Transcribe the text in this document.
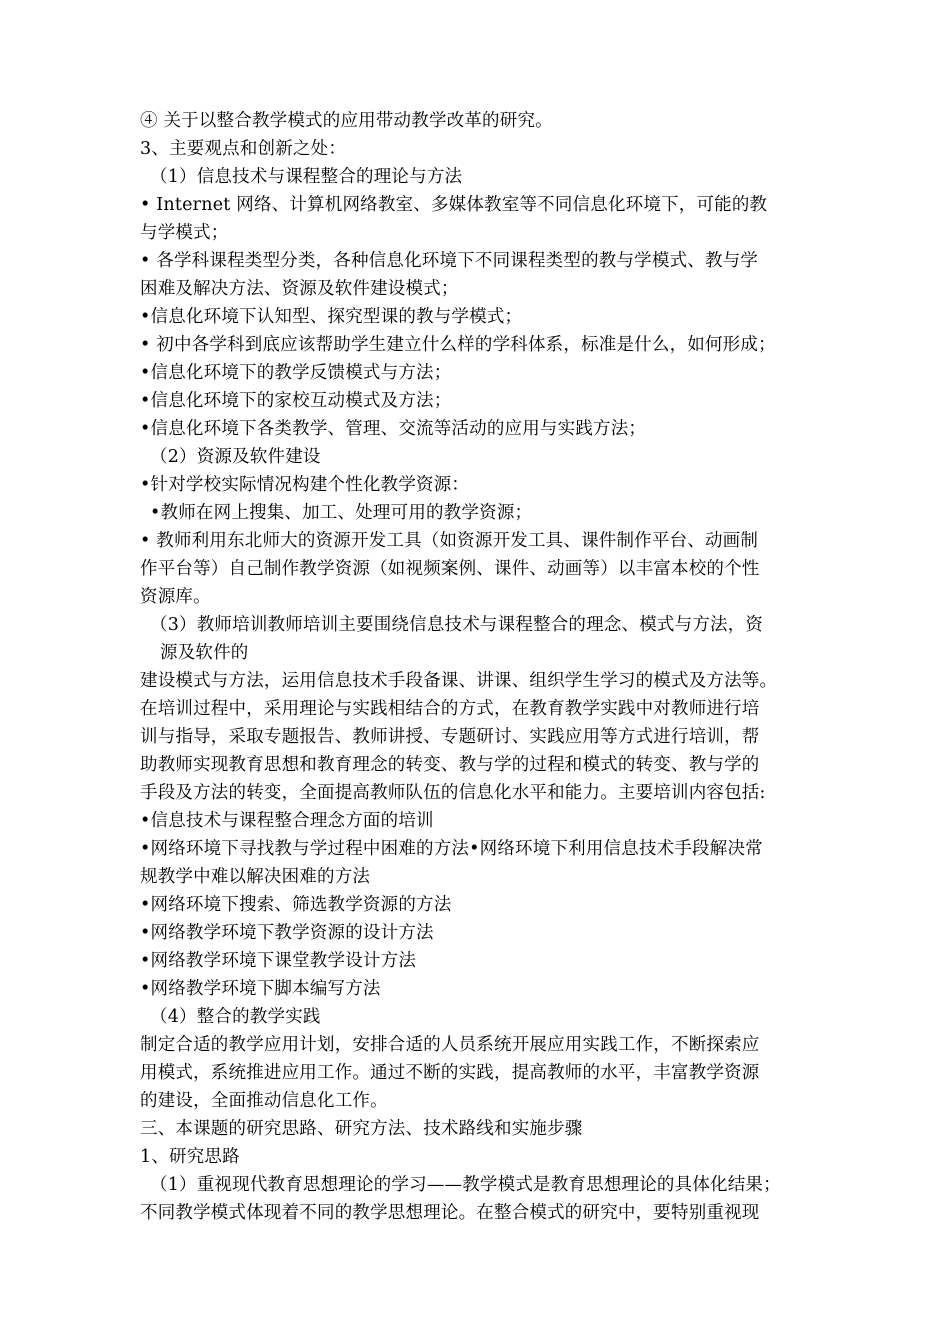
④ 关于以整合教学模式的应用带动教学改革的研究。
3、主要观点和创新之处：
（1）信息技术与课程整合的理论与方法
• Internet 网络、计算机网络教室、多媒体教室等不同信息化环境下，可能的教
与学模式；
• 各学科课程类型分类，各种信息化环境下不同课程类型的教与学模式、教与学
困难及解决方法、资源及软件建设模式；
•信息化环境下认知型、探究型课的教与学模式；
• 初中各学科到底应该帮助学生建立什么样的学科体系，标准是什么，如何形成；
•信息化环境下的教学反馈模式与方法；
•信息化环境下的家校互动模式及方法；
•信息化环境下各类教学、管理、交流等活动的应用与实践方法；
（2）资源及软件建设
•针对学校实际情况构建个性化教学资源：
•教师在网上搜集、加工、处理可用的教学资源；
• 教师利用东北师大的资源开发工具（如资源开发工具、课件制作平台、动画制
作平台等）自己制作教学资源（如视频案例、课件、动画等）以丰富本校的个性
资源库。
（3）教师培训教师培训主要围绕信息技术与课程整合的理念、模式与方法，资
源及软件的
建设模式与方法，运用信息技术手段备课、讲课、组织学生学习的模式及方法等。
在培训过程中，采用理论与实践相结合的方式，在教育教学实践中对教师进行培
训与指导，采取专题报告、教师讲授、专题研讨、实践应用等方式进行培训，帮
助教师实现教育思想和教育理念的转变、教与学的过程和模式的转变、教与学的
手段及方法的转变，全面提高教师队伍的信息化水平和能力。主要培训内容包括:
•信息技术与课程整合理念方面的培训
•网络环境下寻找教与学过程中困难的方法•网络环境下利用信息技术手段解决常
规教学中难以解决困难的方法
•网络环境下搜索、筛选教学资源的方法
•网络教学环境下教学资源的设计方法
•网络教学环境下课堂教学设计方法
•网络教学环境下脚本编写方法
（4）整合的教学实践
制定合适的教学应用计划，安排合适的人员系统开展应用实践工作，不断探索应
用模式，系统推进应用工作。通过不断的实践，提高教师的水平，丰富教学资源
的建设，全面推动信息化工作。
三、本课题的研究思路、研究方法、技术路线和实施步骤
1、研究思路
（1）重视现代教育思想理论的学习——教学模式是教育思想理论的具体化结果；
不同教学模式体现着不同的教学思想理论。在整合模式的研究中，要特别重视现
